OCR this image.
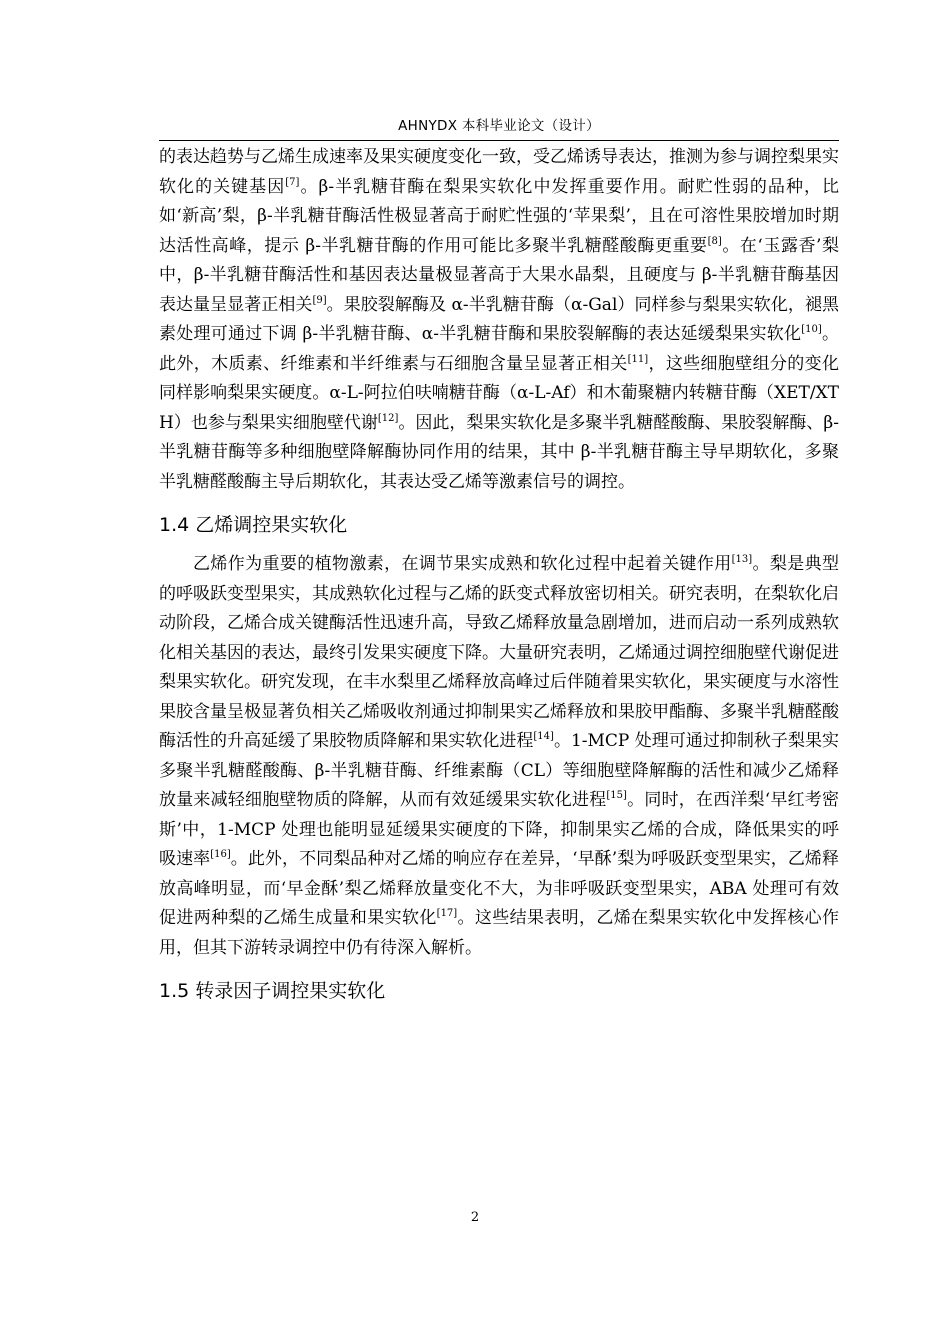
AHNYDX 本科毕业论文（设计）

的表达趋势与乙烯生成速率及果实硬度变化一致，受乙烯诱导表达，推测为参与调控梨果实软化的关键基因[7]。β-半乳糖苷酶在梨果实软化中发挥重要作用。耐贮性弱的品种，比如‘新高’梨，β-半乳糖苷酶活性极显著高于耐贮性强的‘苹果梨’，且在可溶性果胶增加时期达活性高峰，提示 β-半乳糖苷酶的作用可能比多聚半乳糖醛酸酶更重要[8]。在‘玉露香’梨中，β-半乳糖苷酶活性和基因表达量极显著高于大果水晶梨，且硬度与 β-半乳糖苷酶基因表达量呈显著正相关[9]。果胶裂解酶及 α-半乳糖苷酶（α-Gal）同样参与梨果实软化，褪黑素处理可通过下调 β-半乳糖苷酶、α-半乳糖苷酶和果胶裂解酶的表达延缓梨果实软化[10]。此外，木质素、纤维素和半纤维素与石细胞含量呈显著正相关[11]，这些细胞壁组分的变化同样影响梨果实硬度。α-L-阿拉伯呋喃糖苷酶（α-L-Af）和木葡聚糖内转糖苷酶（XET/XTH）也参与梨果实细胞壁代谢[12]。因此，梨果实软化是多聚半乳糖醛酸酶、果胶裂解酶、β-半乳糖苷酶等多种细胞壁降解酶协同作用的结果，其中 β-半乳糖苷酶主导早期软化，多聚半乳糖醛酸酶主导后期软化，其表达受乙烯等激素信号的调控。

1.4 乙烯调控果实软化

乙烯作为重要的植物激素，在调节果实成熟和软化过程中起着关键作用[13]。梨是典型的呼吸跃变型果实，其成熟软化过程与乙烯的跃变式释放密切相关。研究表明，在梨软化启动阶段，乙烯合成关键酶活性迅速升高，导致乙烯释放量急剧增加，进而启动一系列成熟软化相关基因的表达，最终引发果实硬度下降。大量研究表明，乙烯通过调控细胞壁代谢促进梨果实软化。研究发现，在丰水梨里乙烯释放高峰过后伴随着果实软化，果实硬度与水溶性果胶含量呈极显著负相关乙烯吸收剂通过抑制果实乙烯释放和果胶甲酯酶、多聚半乳糖醛酸酶活性的升高延缓了果胶物质降解和果实软化进程[14]。1-MCP 处理可通过抑制秋子梨果实多聚半乳糖醛酸酶、β-半乳糖苷酶、纤维素酶（CL）等细胞壁降解酶的活性和减少乙烯释放量来减轻细胞壁物质的降解，从而有效延缓果实软化进程[15]。同时，在西洋梨‘早红考密斯’中，1-MCP 处理也能明显延缓果实硬度的下降，抑制果实乙烯的合成，降低果实的呼吸速率[16]。此外，不同梨品种对乙烯的响应存在差异，‘早酥’梨为呼吸跃变型果实，乙烯释放高峰明显，而‘早金酥’梨乙烯释放量变化不大，为非呼吸跃变型果实，ABA 处理可有效促进两种梨的乙烯生成量和果实软化[17]。这些结果表明，乙烯在梨果实软化中发挥核心作用，但其下游转录调控中仍有待深入解析。

1.5 转录因子调控果实软化
2
